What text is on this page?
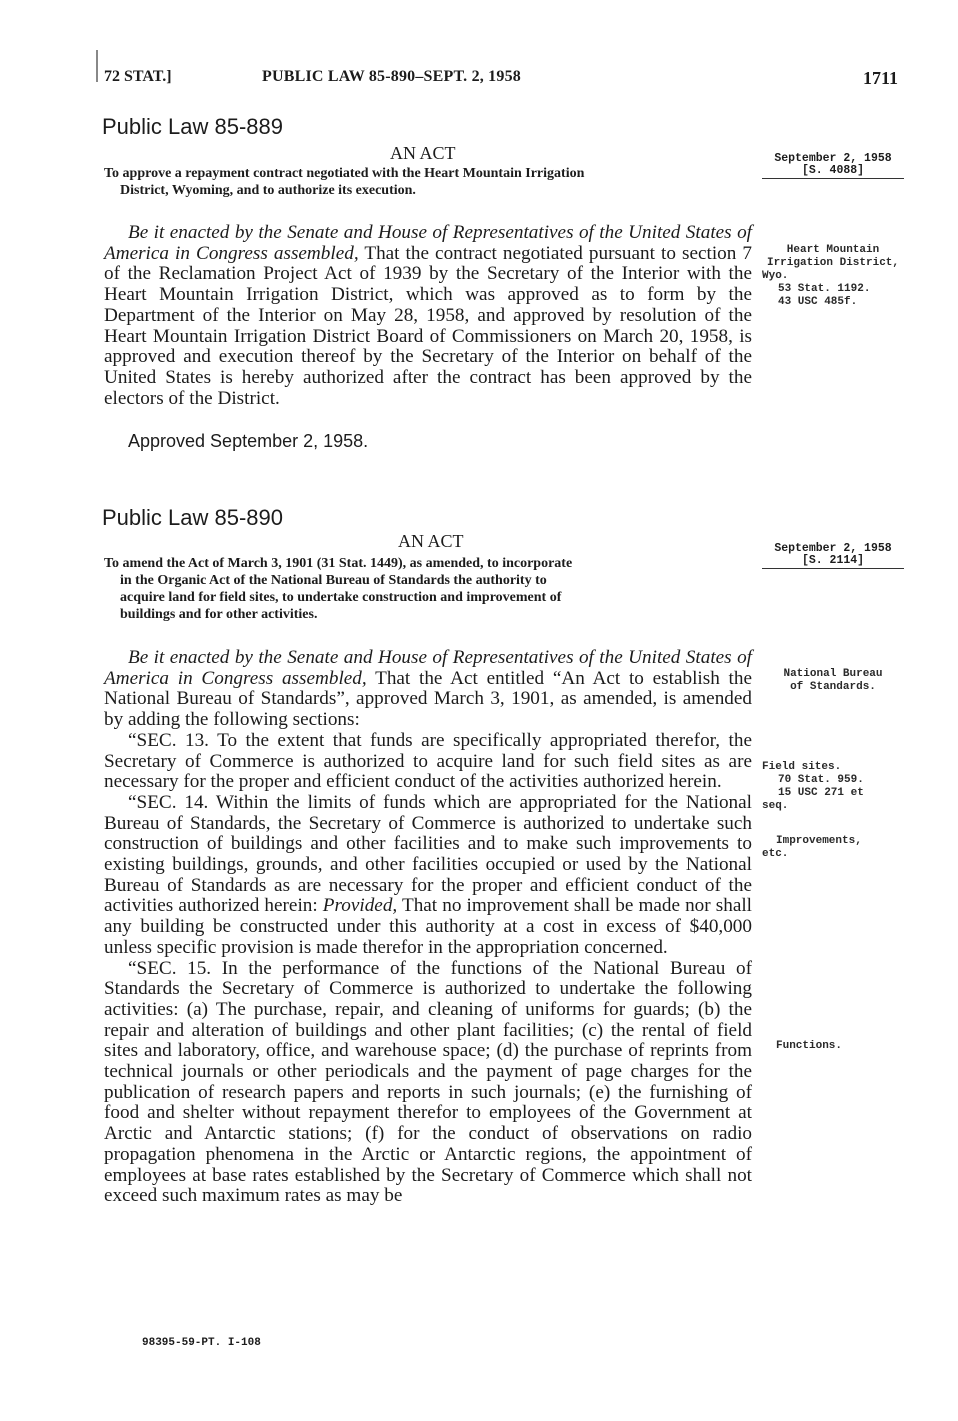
72 STAT.]	PUBLIC LAW 85-890–SEPT. 2, 1958	1711
Public Law 85-889
AN ACT
To approve a repayment contract negotiated with the Heart Mountain Irrigation
District, Wyoming, and to authorize its execution.
September 2, 1958
[S. 4088]

Be it enacted by the Senate and House of Representatives of the United States of America in Congress assembled, That the contract negotiated pursuant to section 7 of the Reclamation Project Act of 1939 by the Secretary of the Interior with the Heart Mountain Irrigation District, which was approved as to form by the Department of the Interior on May 28, 1958, and approved by resolution of the Heart Mountain Irrigation District Board of Commissioners on March 20, 1958, is approved and execution thereof by the Secretary of the Interior on behalf of the United States is hereby authorized after the contract has been approved by the electors of the District.

Approved September 2, 1958.
Heart Mountain
Irrigation District,
Wyo.
53 Stat. 1192.
43 USC 485f.
Public Law 85-890
AN ACT
To amend the Act of March 3, 1901 (31 Stat. 1449), as amended, to incorporate
in the Organic Act of the National Bureau of Standards the authority to
acquire land for field sites, to undertake construction and improvement of
buildings and for other activities.
September 2, 1958
[S. 2114]

Be it enacted by the Senate and House of Representatives of the United States of America in Congress assembled, That the Act entitled “An Act to establish the National Bureau of Standards”, approved March 3, 1901, as amended, is amended by adding the following sections:

“SEC. 13. To the extent that funds are specifically appropriated therefor, the Secretary of Commerce is authorized to acquire land for such field sites as are necessary for the proper and efficient conduct of the activities authorized herein.

“SEC. 14. Within the limits of funds which are appropriated for the National Bureau of Standards, the Secretary of Commerce is authorized to undertake such construction of buildings and other facilities and to make such improvements to existing buildings, grounds, and other facilities occupied or used by the National Bureau of Standards as are necessary for the proper and efficient conduct of the activities authorized herein: Provided, That no improvement shall be made nor shall any building be constructed under this authority at a cost in excess of $40,000 unless specific provision is made therefor in the appropriation concerned.

“SEC. 15. In the performance of the functions of the National Bureau of Standards the Secretary of Commerce is authorized to undertake the following activities: (a) The purchase, repair, and cleaning of uniforms for guards; (b) the repair and alteration of buildings and other plant facilities; (c) the rental of field sites and laboratory, office, and warehouse space; (d) the purchase of reprints from technical journals or other periodicals and the payment of page charges for the publication of research papers and reports in such journals; (e) the furnishing of food and shelter without repayment therefor to employees of the Government at Arctic and Antarctic stations; (f) for the conduct of observations on radio propagation phenomena in the Arctic or Antarctic regions, the appointment of employees at base rates established by the Secretary of Commerce which shall not exceed such maximum rates as may be

National Bureau
of Standards.
Field sites.
70 Stat. 959.
15 USC 271 et
seq.
Improvements,
etc.
Functions.
98395-59-PT. I-108
